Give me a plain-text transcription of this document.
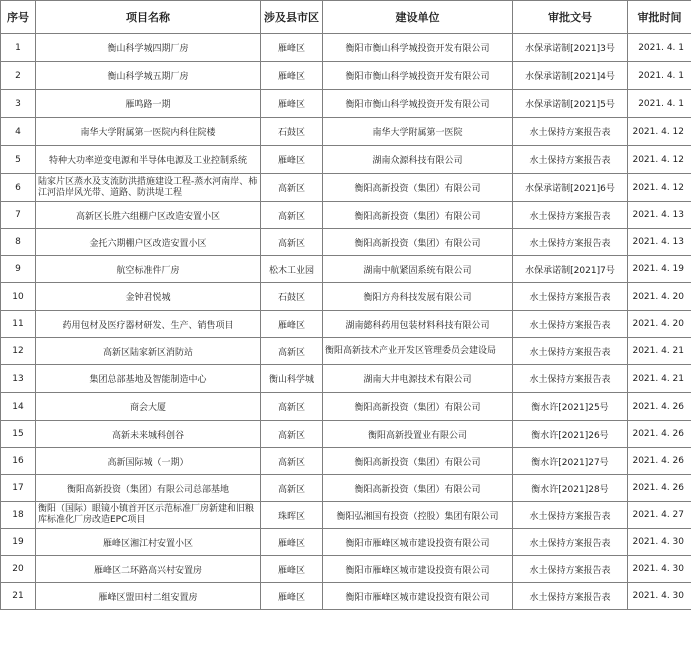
序号	项目名称	涉及县市区	建设单位	审批文号	审批时间
1	衡山科学城四期厂房	雁峰区	衡阳市衡山科学城投资开发有限公司	水保承诺制[2021]3号	2021. 4. 1
2	衡山科学城五期厂房	雁峰区	衡阳市衡山科学城投资开发有限公司	水保承诺制[2021]4号	2021. 4. 1
3	雁鸣路一期	雁峰区	衡阳市衡山科学城投资开发有限公司	水保承诺制[2021]5号	2021. 4. 1
4	南华大学附属第一医院内科住院楼	石鼓区	南华大学附属第一医院	水土保持方案报告表	2021. 4. 12
5	特种大功率逆变电源和半导体电源及工业控制系统	雁峰区	湖南众源科技有限公司	水土保持方案报告表	2021. 4. 12
6	陆家片区蒸水及支流防洪措施建设工程-蒸水河南岸、柿江河沿岸风光带、道路、防洪堤工程	高新区	衡阳高新投资（集团）有限公司	水保承诺制[2021]6号	2021. 4. 12
7	高新区长胜六组棚户区改造安置小区	高新区	衡阳高新投资（集团）有限公司	水土保持方案报告表	2021. 4. 13
8	金托六期棚户区改造安置小区	高新区	衡阳高新投资（集团）有限公司	水土保持方案报告表	2021. 4. 13
9	航空标准件厂房	松木工业园	湖南中航紧固系统有限公司	水保承诺制[2021]7号	2021. 4. 19
10	金钟君悦城	石鼓区	衡阳方舟科技发展有限公司	水土保持方案报告表	2021. 4. 20
11	药用包材及医疗器材研发、生产、销售项目	雁峰区	湖南懿科药用包装材料科技有限公司	水土保持方案报告表	2021. 4. 20
12	高新区陆家新区消防站	高新区	衡阳高新技术产业开发区管理委员会建设局	水土保持方案报告表	2021. 4. 21
13	集团总部基地及智能制造中心	衡山科学城	湖南大井电源技术有限公司	水土保持方案报告表	2021. 4. 21
14	商会大厦	高新区	衡阳高新投资（集团）有限公司	衡水许[2021]25号	2021. 4. 26
15	高新未来城科创谷	高新区	衡阳高新投置业有限公司	衡水许[2021]26号	2021. 4. 26
16	高新国际城（一期）	高新区	衡阳高新投资（集团）有限公司	衡水许[2021]27号	2021. 4. 26
17	衡阳高新投资（集团）有限公司总部基地	高新区	衡阳高新投资（集团）有限公司	衡水许[2021]28号	2021. 4. 26
18	衡阳（国际）眼镜小镇首开区示范标准厂房新建和旧粮库标准化厂房改造EPC项目	珠晖区	衡阳弘湘国有投资（控股）集团有限公司	水土保持方案报告表	2021. 4. 27
19	雁峰区湘江村安置小区	雁峰区	衡阳市雁峰区城市建设投资有限公司	水土保持方案报告表	2021. 4. 30
20	雁峰区二环路高兴村安置房	雁峰区	衡阳市雁峰区城市建设投资有限公司	水土保持方案报告表	2021. 4. 30
21	雁峰区盟田村二组安置房	雁峰区	衡阳市雁峰区城市建设投资有限公司	水土保持方案报告表	2021. 4. 30
